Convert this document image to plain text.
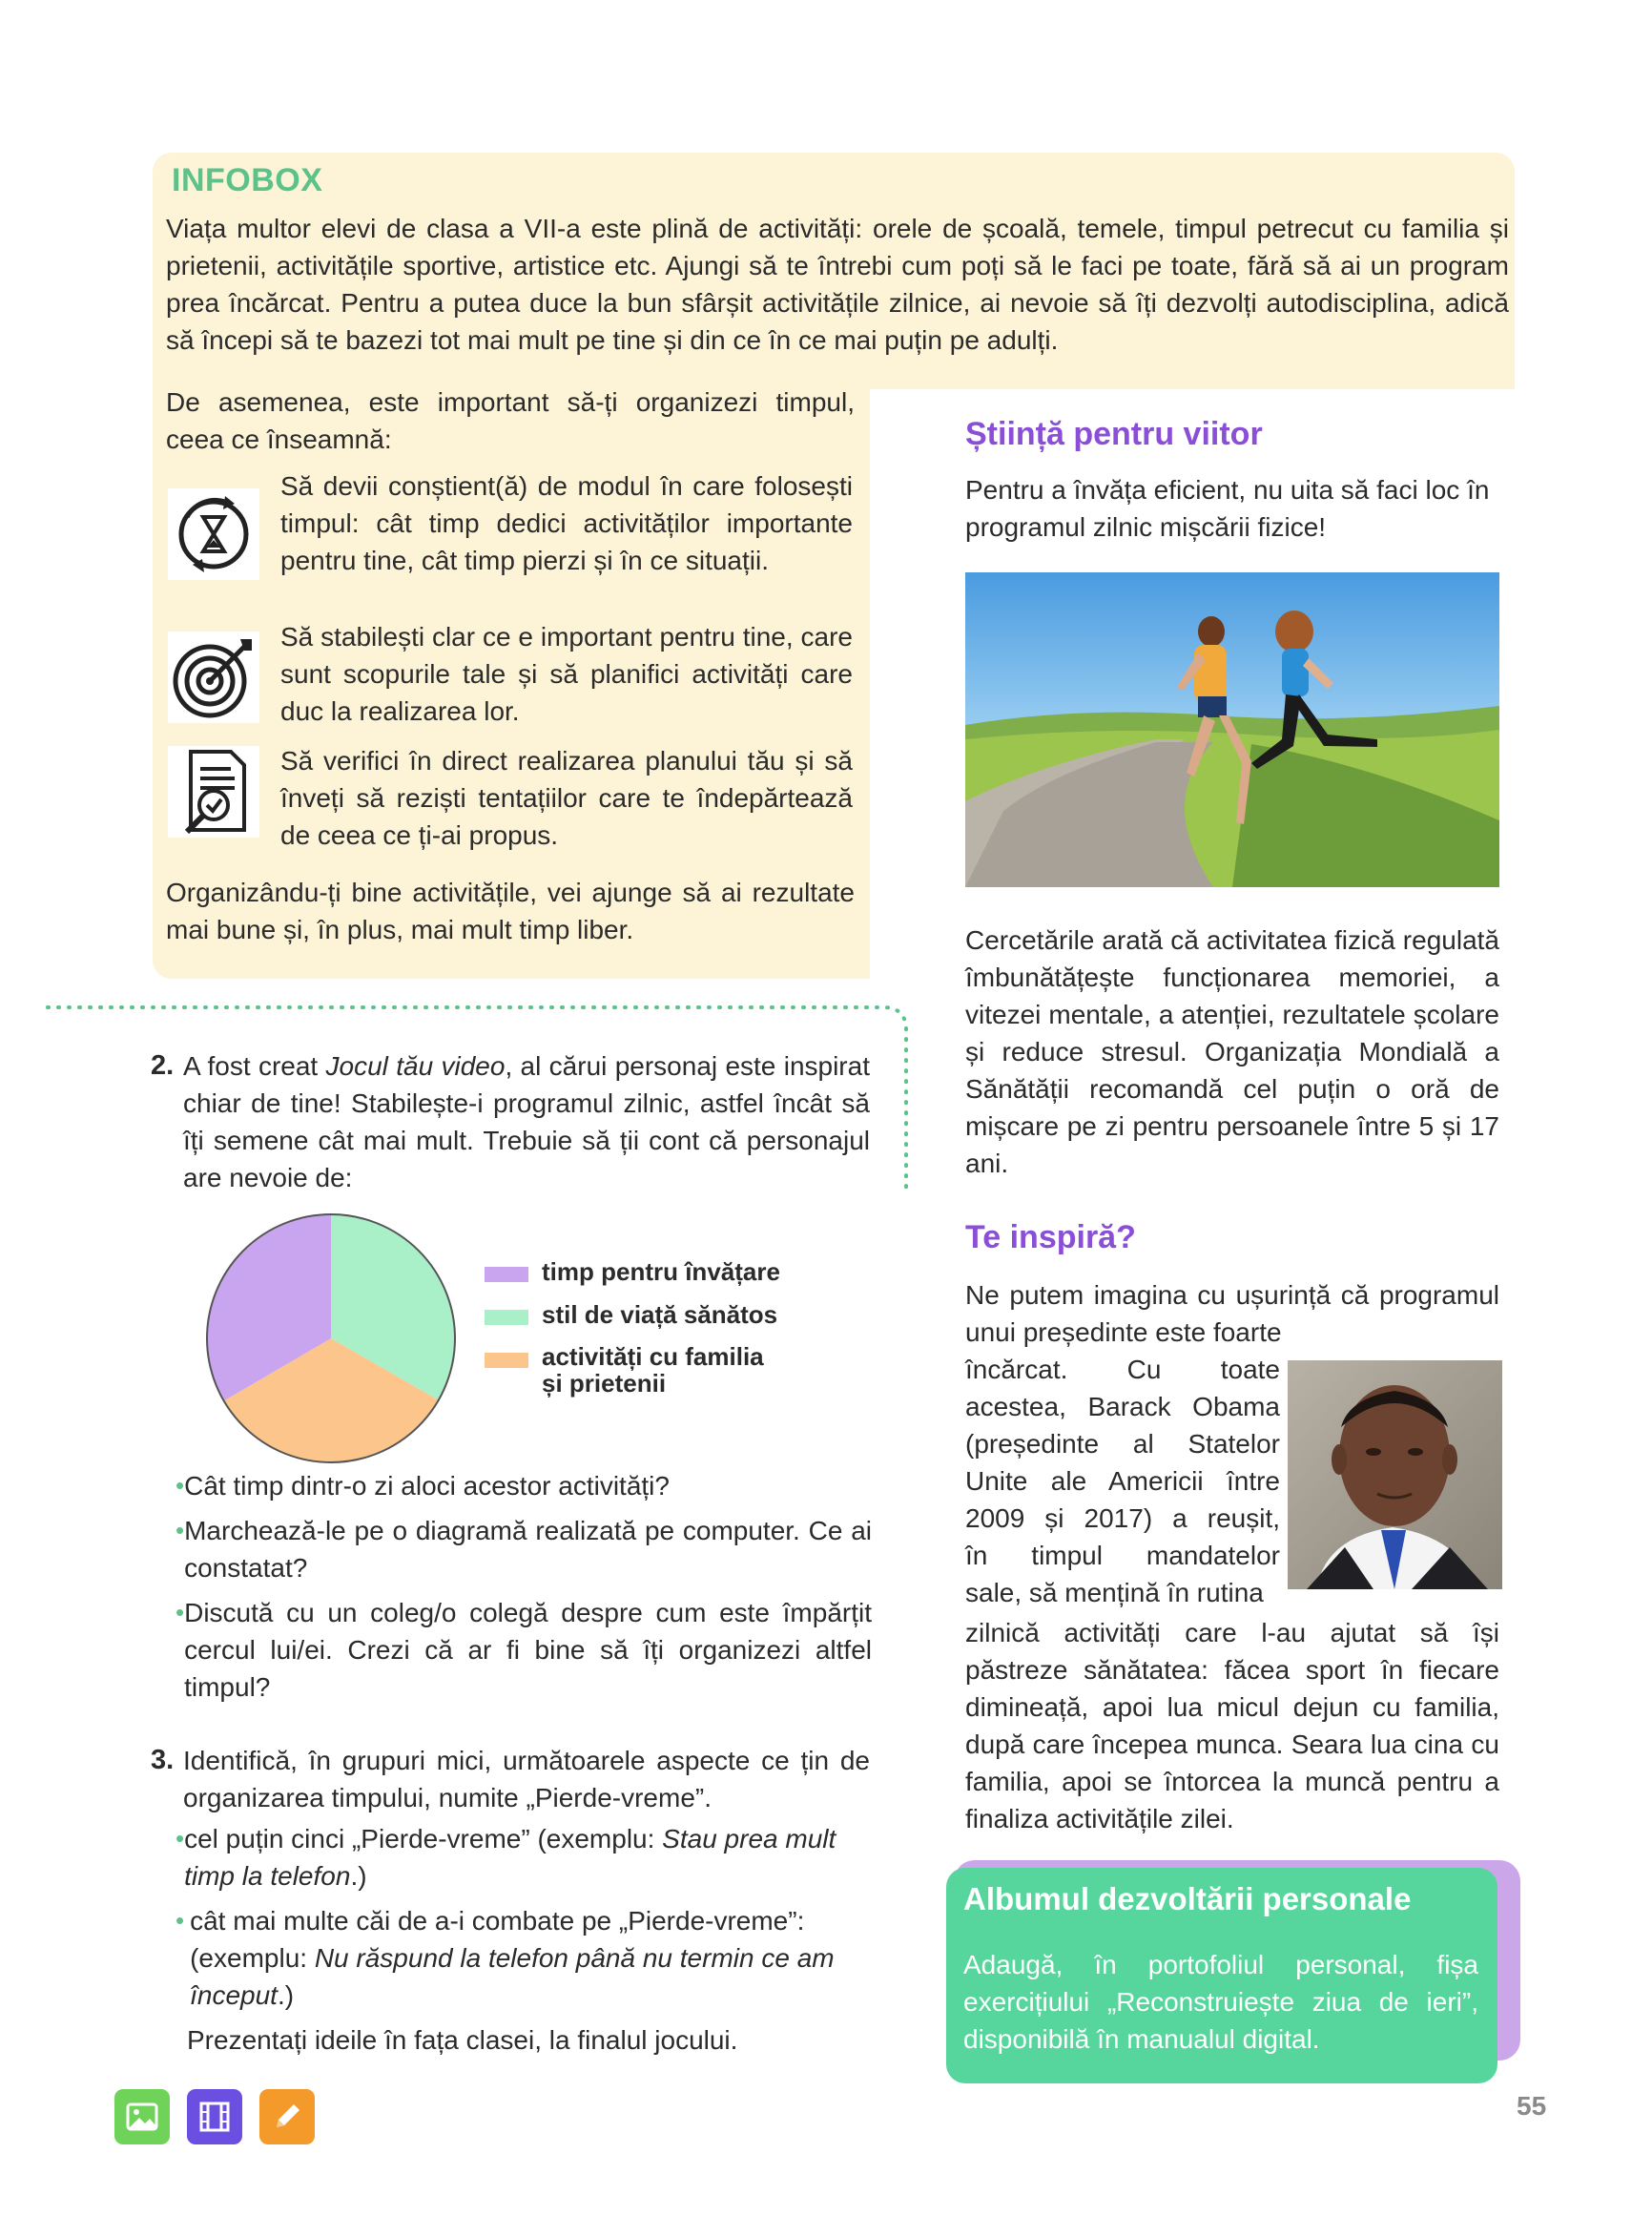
INFOBOX

Viața multor elevi de clasa a VII-a este plină de activități: orele de școală, temele, timpul petrecut cu familia și prietenii, activitățile sportive, artistice etc. Ajungi să te întrebi cum poți să le faci pe toate, fără să ai un program prea încărcat. Pentru a putea duce la bun sfârșit activitățile zilnice, ai nevoie să îți dezvolți autodisciplina, adică să începi să te bazezi tot mai mult pe tine și din ce în ce mai puțin pe adulți.

De asemenea, este important să-ți organizezi timpul, ceea ce înseamnă:

Să devii conștient(ă) de modul în care folosești timpul: cât timp dedici activităților importante pentru tine, cât timp pierzi și în ce situații.

Să stabilești clar ce e important pentru tine, care sunt scopurile tale și să planifici activități care duc la realizarea lor.

Să verifici în direct realizarea planului tău și să înveți să reziști tentațiilor care te îndepărtează de ceea ce ți-ai propus.

Organizându-ți bine activitățile, vei ajunge să ai rezultate mai bune și, în plus, mai mult timp liber.

2. A fost creat Jocul tău video, al cărui personaj este inspirat chiar de tine! Stabilește-i programul zilnic, astfel încât să îți semene cât mai mult. Trebuie să ții cont că personajul are nevoie de:

timp pentru învățare
stil de viață sănătos
activități cu familia și prietenii
• Cât timp dintr-o zi aloci acestor activități?
• Marchează-le pe o diagramă realizată pe computer. Ce ai constatat?
• Discută cu un coleg/o colegă despre cum este împărțit cercul lui/ei. Crezi că ar fi bine să îți organizezi altfel timpul?
3. Identifică, în grupuri mici, următoarele aspecte ce țin de organizarea timpului, numite „Pierde-vreme”.

• cel puțin cinci „Pierde-vreme” (exemplu: Stau prea mult timp la telefon.)
• cât mai multe căi de a-i combate pe „Pierde-vreme”: (exemplu: Nu răspund la telefon până nu termin ce am început.)

Prezentați ideile în fața clasei, la finalul jocului.

Știință pentru viitor

Pentru a învăța eficient, nu uita să faci loc în programul zilnic mișcării fizice!

Cercetările arată că activitatea fizică regulată îmbunătățește funcționarea memoriei, a vitezei mentale, a atenției, rezultatele școlare și reduce stresul. Organizația Mondială a Sănătății recomandă cel puțin o oră de mișcare pe zi pentru persoanele între 5 și 17 ani.

Te inspiră?

Ne putem imagina cu ușurință că programul unui președinte este foarte

încărcat. Cu toate
acestea, Barack Obama
(președinte al Statelor
Unite ale Americii între
2009 și 2017) a reușit,
în timpul mandatelor
sale, să mențină în rutina

zilnică activități care l-au ajutat să își păstreze sănătatea: făcea sport în fiecare dimineață, apoi lua micul dejun cu familia, după care începea munca. Seara lua cina cu familia, apoi se întorcea la muncă pentru a finaliza activitățile zilei.

Albumul dezvoltării personale

Adaugă, în portofoliul personal, fișa exercițiului „Reconstruiește ziua de ieri”, disponibilă în manualul digital.

55
